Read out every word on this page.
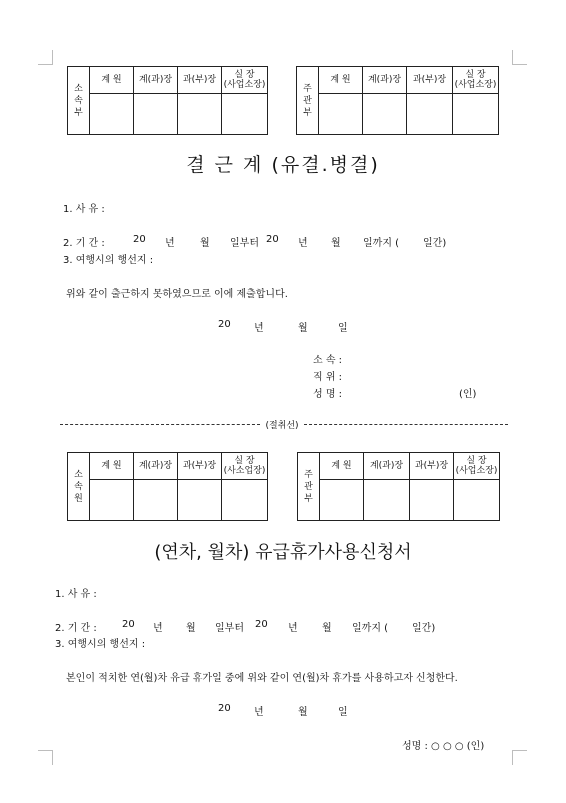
소속부	계 원	계(과)장	과(부)장	실 장
(사업소장)
				주관부	계 원	계(과)장	과(부)장	실 장
(사업소장)

결 근 계 (유결.병결)
1. 사 유 :
2. 기 간 :	20 년	월 일부터 20 년 월 일까지 ( 일간)
3. 여행시의 행선지 :
위와 같이 출근하지 못하였으므로 이에 제출합니다.
20 년	월	일
소 속 :
직 위 :
성 명 :	(인)
(절취선)
소속원	계 원	계(과)장	과(부)장	실 장
(사소업장)
				주관부	계 원	계(과)장	과(부)장	실 장
(사업소장)

(연차, 월차) 유급휴가사용신청서
1. 사 유 :
2. 기 간 :	20 년 월 일부터 20 년 월 일까지 ( 일간)
3. 여행시의 행선지 :
본인이 적치한 연(월)차 유급 휴가일 중에 위와 같이 연(월)차 휴가를 사용하고자 신청한다.
20 년	월	일
성명 : ○ ○ ○ (인)
